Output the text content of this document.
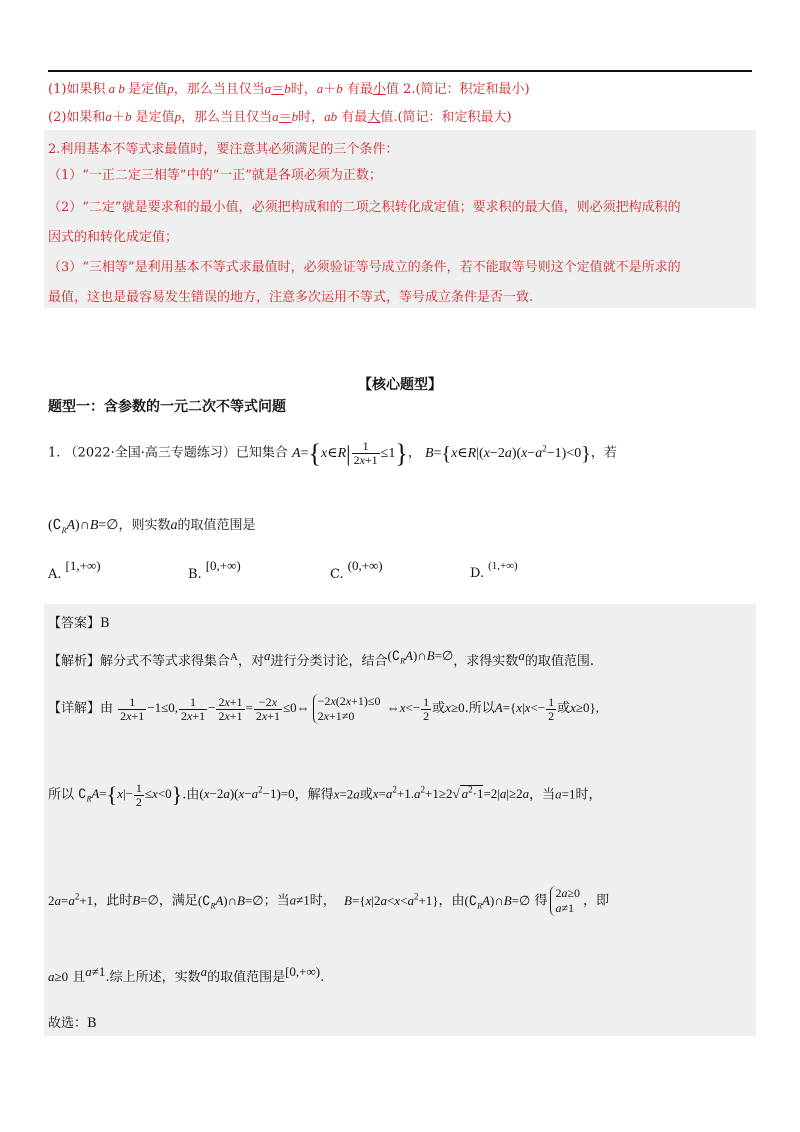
(1)如果积 a b 是定值p，那么当且仅当a＝b时，a＋b 有最小值 2.(简记：积定和最小)
(2)如果和a＋b 是定值p，那么当且仅当a＝b时，ab 有最大值.(简记：和定积最大)
2.利用基本不等式求最值时，要注意其必须满足的三个条件：
（1）“一正二定三相等”中的“一正”就是各项必须为正数；
（2）“二定”就是要求和的最小值，必须把构成和的二项之积转化成定值；要求积的最大值，则必须把构成积的
因式的和转化成定值；
（3）“三相等”是利用基本不等式求最值时，必须验证等号成立的条件，若不能取等号则这个定值就不是所求的
最值，这也是最容易发生错误的地方，注意多次运用不等式，等号成立条件是否一致.
【核心题型】
题型一：含参数的一元二次不等式问题
1. （2022·全国·高三专题练习）已知集合 A={x∈R| $\frac{1}{2x+1} \le 1$}， $B=\{x\in R|(x-2a)(x-a^2-1)<0\}$，若
$(∁_RA)\cap B=\emptyset$，则实数a的取值范围是
A.[1,+∞)
B.[0,+∞)
C.(0,+∞)
D. $^{(1,+\infty)}$
【答案】B
【解析】解分式不等式求得集合$^A$，对a进行分类讨论，结合$(∁_RA)\cap B=\emptyset$，求得实数a的取值范围.
【详解】由 $\frac{1}{2x+1} -1\le 0$, $\frac{1}{2x+1} - \frac{2x+1}{2x+1} = \frac{-2x}{2x+1}$ ≤0⇔ −2x(2x+1)≤0
2x+1≠0
⇔x<− $\frac{1}{2}$ 或x≥0.所以$A=\{x|x<- \frac{1}{2}$ 或x≥0},
所以 $∁_RA=\{x|- \frac{1}{2} \le x<0\}$.由$(x-2a)(x-a^2-1)=0$，解得x=2a或$x=a^2+1.a^2+1\ge 2√$ $a^2\cdot 1=2|a|\ge 2a$，当a=1时，
$2a=a^2+1$，此时B=∅，满足$(∁_RA)\cap B=\emptyset$；当a≠1时， $B=\{x|2a<x<a^2+1\}$，由$(∁_RA)\cap B=\emptyset$ 得
2a≥0
a≠1 ，即
a≥0 且a≠1.综上所述，实数a的取值范围是[0,+∞).
故选：B
